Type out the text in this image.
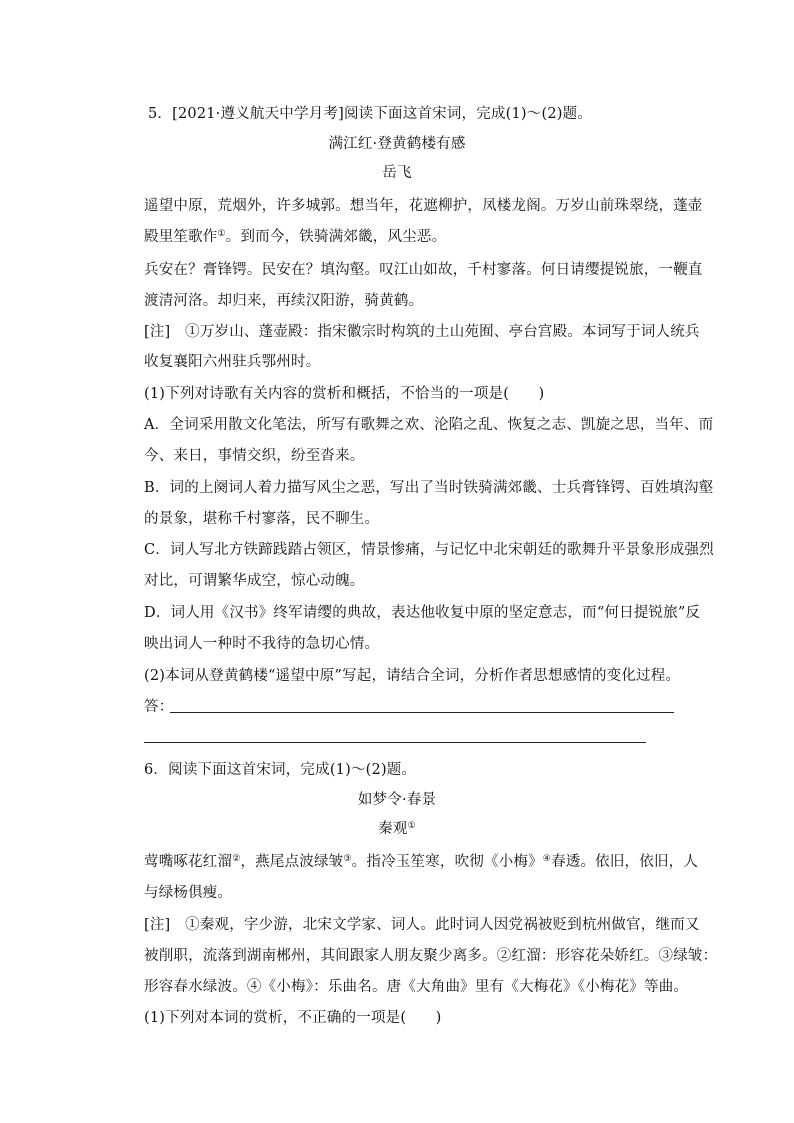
5．[2021·遵义航天中学月考]阅读下面这首宋词，完成(1)～(2)题。
满江红·登黄鹤楼有感
岳飞
遥望中原，荒烟外，许多城郭。想当年，花遮柳护，凤楼龙阁。万岁山前珠翠绕，蓬壶
殿里笙歌作①。到而今，铁骑满郊畿，风尘恶。
兵安在？膏锋锷。民安在？填沟壑。叹江山如故，千村寥落。何日请缨提锐旅，一鞭直
渡清河洛。却归来，再续汉阳游，骑黄鹤。
[注]　①万岁山、蓬壶殿：指宋徽宗时构筑的土山苑囿、亭台宫殿。本词写于词人统兵
收复襄阳六州驻兵鄂州时。
(1)下列对诗歌有关内容的赏析和概括，不恰当的一项是(　　)
A．全词采用散文化笔法，所写有歌舞之欢、沦陷之乱、恢复之志、凯旋之思，当年、而
今、来日，事情交织，纷至沓来。
B．词的上阕词人着力描写风尘之恶，写出了当时铁骑满郊畿、士兵膏锋锷、百姓填沟壑
的景象，堪称千村寥落，民不聊生。
C．词人写北方铁蹄践踏占领区，情景惨痛，与记忆中北宋朝廷的歌舞升平景象形成强烈
对比，可谓繁华成空，惊心动魄。
D．词人用《汉书》终军请缨的典故，表达他收复中原的坚定意志，而“何日提锐旅”反
映出词人一种时不我待的急切心情。
(2)本词从登黄鹤楼“遥望中原”写起，请结合全词，分析作者思想感情的变化过程。
答：
6．阅读下面这首宋词，完成(1)～(2)题。
如梦令·春景
秦观①
莺嘴啄花红溜②，燕尾点波绿皱③。指冷玉笙寒，吹彻《小梅》④春透。依旧，依旧，人
与绿杨俱瘦。
[注]　①秦观，字少游，北宋文学家、词人。此时词人因党祸被贬到杭州做官，继而又
被削职，流落到湖南郴州，其间跟家人朋友聚少离多。②红溜：形容花朵娇红。③绿皱：
形容春水绿波。④《小梅》：乐曲名。唐《大角曲》里有《大梅花》《小梅花》等曲。
(1)下列对本词的赏析，不正确的一项是(　　)
